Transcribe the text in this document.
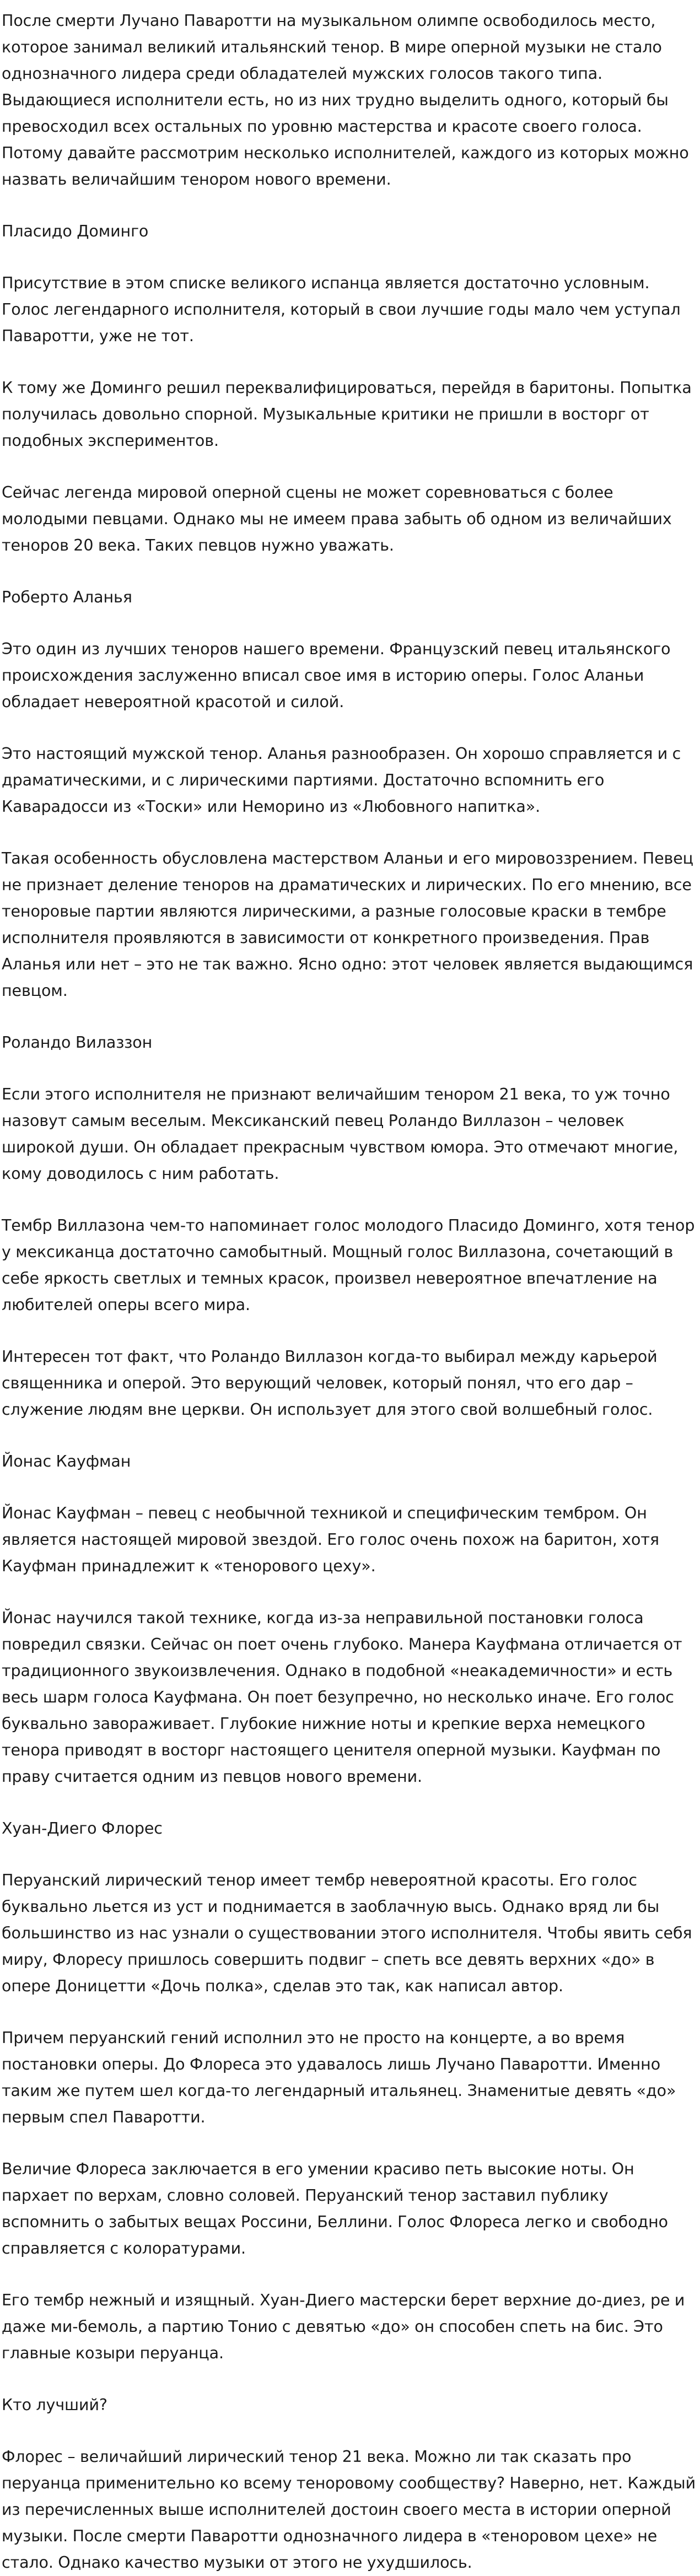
После смерти Лучано Паваротти на музыкальном олимпе освободилось место, которое занимал великий итальянский тенор. В мире оперной музыки не стало однозначного лидера среди обладателей мужских голосов такого типа. Выдающиеся исполнители есть, но из них трудно выделить одного, который бы превосходил всех остальных по уровню мастерства и красоте своего голоса. Потому давайте рассмотрим несколько исполнителей, каждого из которых можно назвать величайшим тенором нового времени.

Пласидо Доминго

Присутствие в этом списке великого испанца является достаточно условным. Голос легендарного исполнителя, который в свои лучшие годы мало чем уступал Паваротти, уже не тот.

К тому же Доминго решил переквалифицироваться, перейдя в баритоны. Попытка получилась довольно спорной. Музыкальные критики не пришли в восторг от подобных экспериментов.

Сейчас легенда мировой оперной сцены не может соревноваться с более молодыми певцами. Однако мы не имеем права забыть об одном из величайших теноров 20 века. Таких певцов нужно уважать.

Роберто Аланья

Это один из лучших теноров нашего времени. Французский певец итальянского происхождения заслуженно вписал свое имя в историю оперы. Голос Аланьи обладает невероятной красотой и силой.

Это настоящий мужской тенор. Аланья разнообразен. Он хорошо справляется и с драматическими, и с лирическими партиями. Достаточно вспомнить его Каварадосси из «Тоски» или Неморино из «Любовного напитка».

Такая особенность обусловлена мастерством Аланьи и его мировоззрением. Певец не признает деление теноров на драматических и лирических. По его мнению, все теноровые партии являются лирическими, а разные голосовые краски в тембре исполнителя проявляются в зависимости от конкретного произведения. Прав Аланья или нет – это не так важно. Ясно одно: этот человек является выдающимся певцом.

Роландо Вилаззон

Если этого исполнителя не признают величайшим тенором 21 века, то уж точно назовут самым веселым. Мексиканский певец Роландо Виллазон – человек широкой души. Он обладает прекрасным чувством юмора. Это отмечают многие, кому доводилось с ним работать.

Тембр Виллазона чем-то напоминает голос молодого Пласидо Доминго, хотя тенор у мексиканца достаточно самобытный. Мощный голос Виллазона, сочетающий в себе яркость светлых и темных красок, произвел невероятное впечатление на любителей оперы всего мира.

Интересен тот факт, что Роландо Виллазон когда-то выбирал между карьерой священника и оперой. Это верующий человек, который понял, что его дар – служение людям вне церкви. Он использует для этого свой волшебный голос.

Йонас Кауфман

Йонас Кауфман – певец с необычной техникой и специфическим тембром. Он является настоящей мировой звездой. Его голос очень похож на баритон, хотя Кауфман принадлежит к «тенорового цеху».

Йонас научился такой технике, когда из-за неправильной постановки голоса повредил связки. Сейчас он поет очень глубоко. Манера Кауфмана отличается от традиционного звукоизвлечения. Однако в подобной «неакадемичности» и есть весь шарм голоса Кауфмана. Он поет безупречно, но несколько иначе. Его голос буквально завораживает. Глубокие нижние ноты и крепкие верха немецкого тенора приводят в восторг настоящего ценителя оперной музыки. Кауфман по праву считается одним из певцов нового времени.

Хуан-Диего Флорес

Перуанский лирический тенор имеет тембр невероятной красоты. Его голос буквально льется из уст и поднимается в заоблачную высь. Однако вряд ли бы большинство из нас узнали о существовании этого исполнителя. Чтобы явить себя миру, Флоресу пришлось совершить подвиг – спеть все девять верхних «до» в опере Доницетти «Дочь полка», сделав это так, как написал автор.

Причем перуанский гений исполнил это не просто на концерте, а во время постановки оперы. До Флореса это удавалось лишь Лучано Паваротти. Именно таким же путем шел когда-то легендарный итальянец. Знаменитые девять «до» первым спел Паваротти.

Величие Флореса заключается в его умении красиво петь высокие ноты. Он пархает по верхам, словно соловей. Перуанский тенор заставил публику вспомнить о забытых вещах Россини, Беллини. Голос Флореса легко и свободно справляется с колоратурами.

Его тембр нежный и изящный. Хуан-Диего мастерски берет верхние до-диез, ре и даже ми-бемоль, а партию Тонио с девятью «до» он способен спеть на бис. Это главные козыри перуанца.

Кто лучший?

Флорес – величайший лирический тенор 21 века. Можно ли так сказать про перуанца применительно ко всему теноровому сообществу? Наверно, нет. Каждый из перечисленных выше исполнителей достоин своего места в истории оперной музыки. После смерти Паваротти однозначного лидера в «теноровом цехе» не стало. Однако качество музыки от этого не ухудшилось.
